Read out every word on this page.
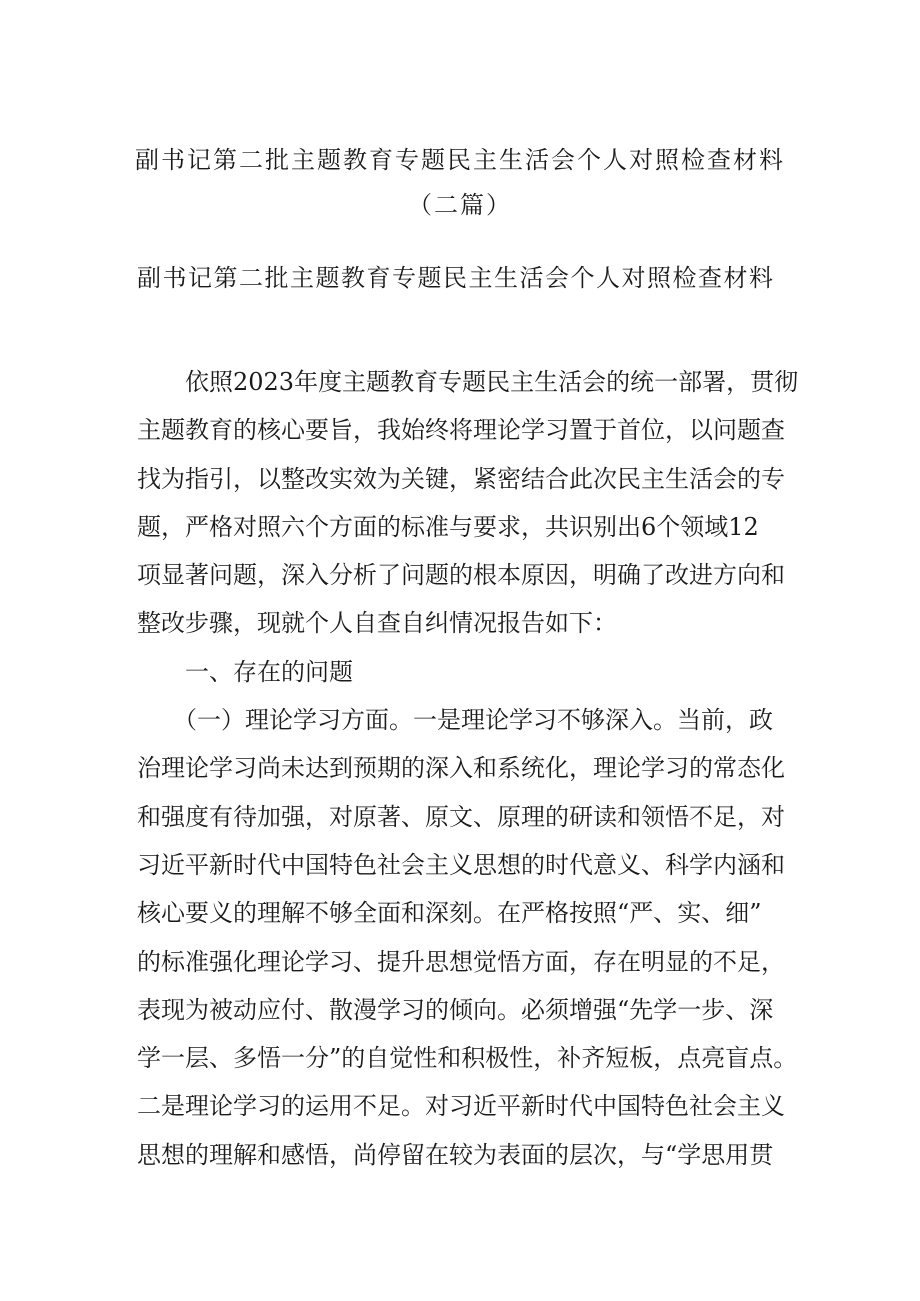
副书记第二批主题教育专题民主生活会个人对照检查材料
（二篇）
副书记第二批主题教育专题民主生活会个人对照检查材料
　　依照2023年度主题教育专题民主生活会的统一部署，贯彻
主题教育的核心要旨，我始终将理论学习置于首位，以问题查
找为指引，以整改实效为关键，紧密结合此次民主生活会的专
题，严格对照六个方面的标准与要求，共识别出6个领域12
项显著问题，深入分析了问题的根本原因，明确了改进方向和
整改步骤，现就个人自查自纠情况报告如下：
　　一、存在的问题
　　（一）理论学习方面。一是理论学习不够深入。当前，政
治理论学习尚未达到预期的深入和系统化，理论学习的常态化
和强度有待加强，对原著、原文、原理的研读和领悟不足，对
习近平新时代中国特色社会主义思想的时代意义、科学内涵和
核心要义的理解不够全面和深刻。在严格按照“严、实、细”
的标准强化理论学习、提升思想觉悟方面，存在明显的不足，
表现为被动应付、散漫学习的倾向。必须增强“先学一步、深
学一层、多悟一分”的自觉性和积极性，补齐短板，点亮盲点。
二是理论学习的运用不足。对习近平新时代中国特色社会主义
思想的理解和感悟，尚停留在较为表面的层次，与“学思用贯
